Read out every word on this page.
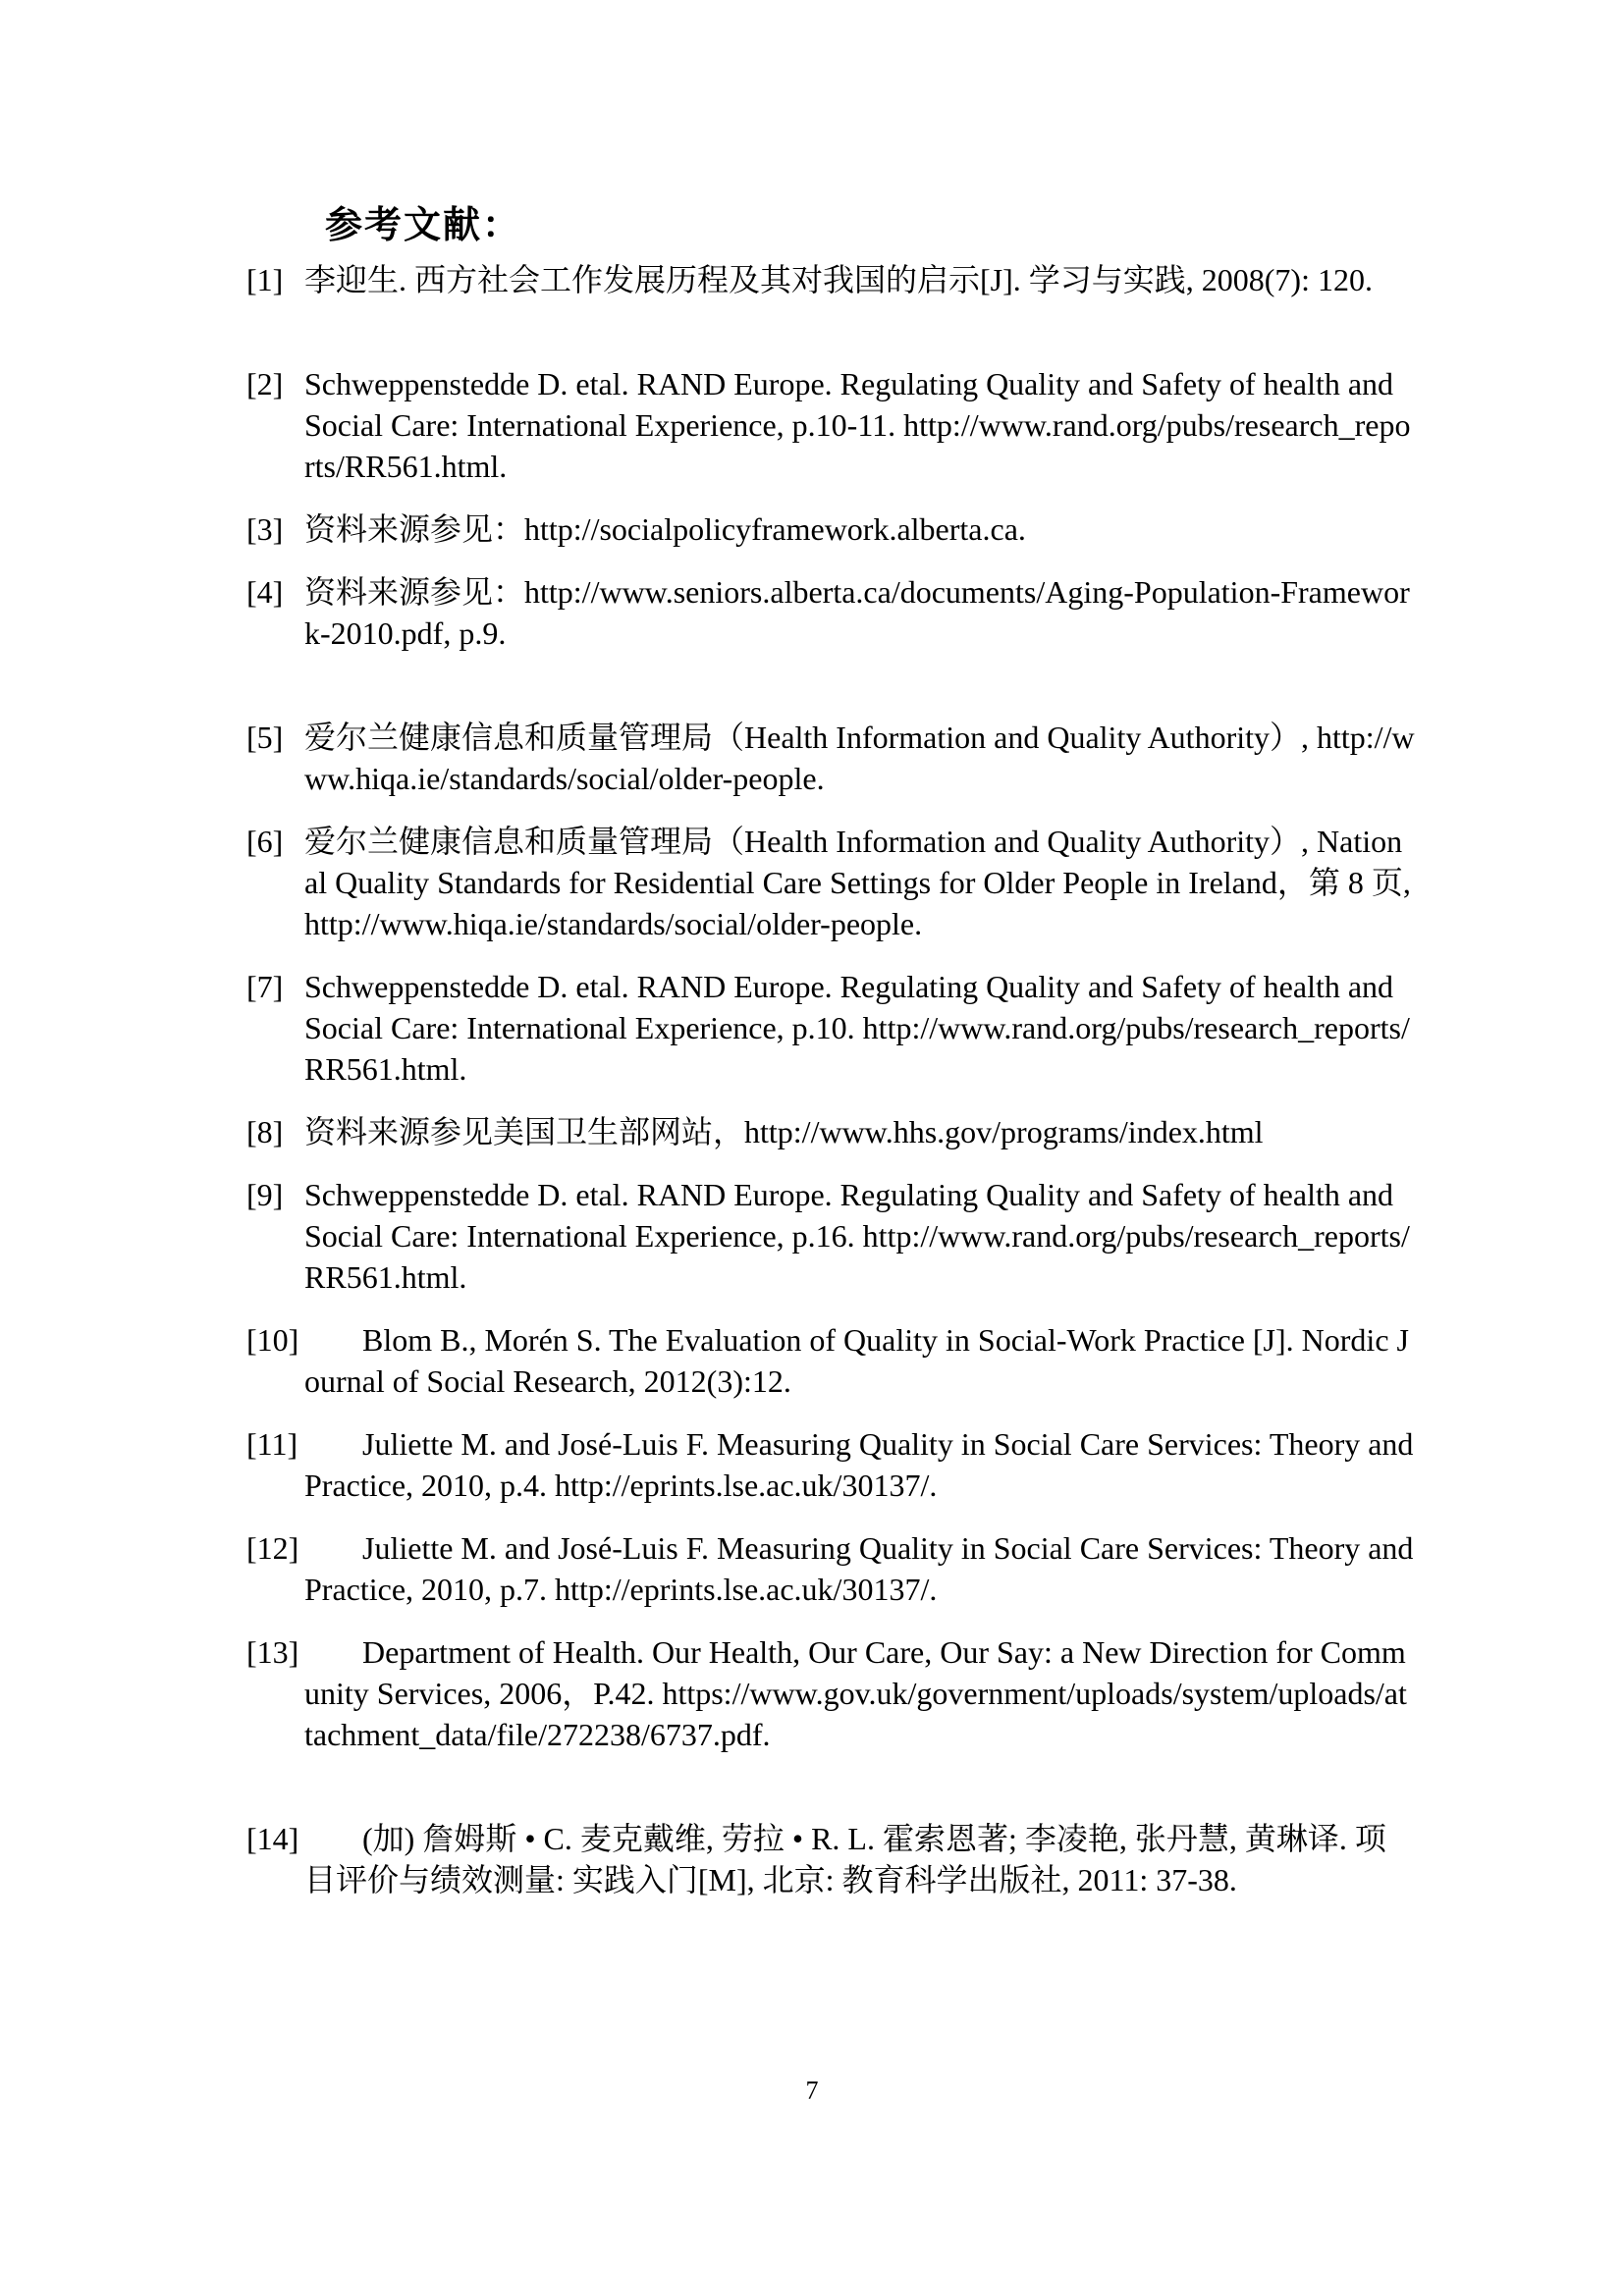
参考文献：
[1] 李迎生. 西方社会工作发展历程及其对我国的启示[J]. 学习与实践, 2008(7): 120.
[2] Schweppenstedde D. etal. RAND Europe. Regulating Quality and Safety of health and Social Care: International Experience, p.10-11. http://www.rand.org/pubs/research_reports/RR561.html.
[3] 资料来源参见：http://socialpolicyframework.alberta.ca.
[4] 资料来源参见：http://www.seniors.alberta.ca/documents/Aging-Population-Framework-2010.pdf, p.9.
[5] 爱尔兰健康信息和质量管理局（Health Information and Quality Authority）, http://www.hiqa.ie/standards/social/older-people.
[6] 爱尔兰健康信息和质量管理局（Health Information and Quality Authority）, National Quality Standards for Residential Care Settings for Older People in Ireland，第 8 页, http://www.hiqa.ie/standards/social/older-people.
[7] Schweppenstedde D. etal. RAND Europe. Regulating Quality and Safety of health and Social Care: International Experience, p.10. http://www.rand.org/pubs/research_reports/RR561.html.
[8] 资料来源参见美国卫生部网站，http://www.hhs.gov/programs/index.html
[9] Schweppenstedde D. etal. RAND Europe. Regulating Quality and Safety of health and Social Care: International Experience, p.16. http://www.rand.org/pubs/research_reports/RR561.html.
[10]	Blom B., Morén S. The Evaluation of Quality in Social-Work Practice [J]. Nordic Journal of Social Research, 2012(3):12.
[11]	Juliette M. and José-Luis F. Measuring Quality in Social Care Services: Theory and Practice, 2010, p.4. http://eprints.lse.ac.uk/30137/.
[12]	Juliette M. and José-Luis F. Measuring Quality in Social Care Services: Theory and Practice, 2010, p.7. http://eprints.lse.ac.uk/30137/.
[13]	Department of Health. Our Health, Our Care, Our Say: a New Direction for Community Services, 2006，P.42. https://www.gov.uk/government/uploads/system/uploads/attachment_data/file/272238/6737.pdf.
[14]	(加) 詹姆斯 • C. 麦克戴维, 劳拉 • R. L. 霍索恩著; 李凌艳, 张丹慧, 黄琳译. 项目评价与绩效测量: 实践入门[M], 北京: 教育科学出版社, 2011: 37-38.
7
